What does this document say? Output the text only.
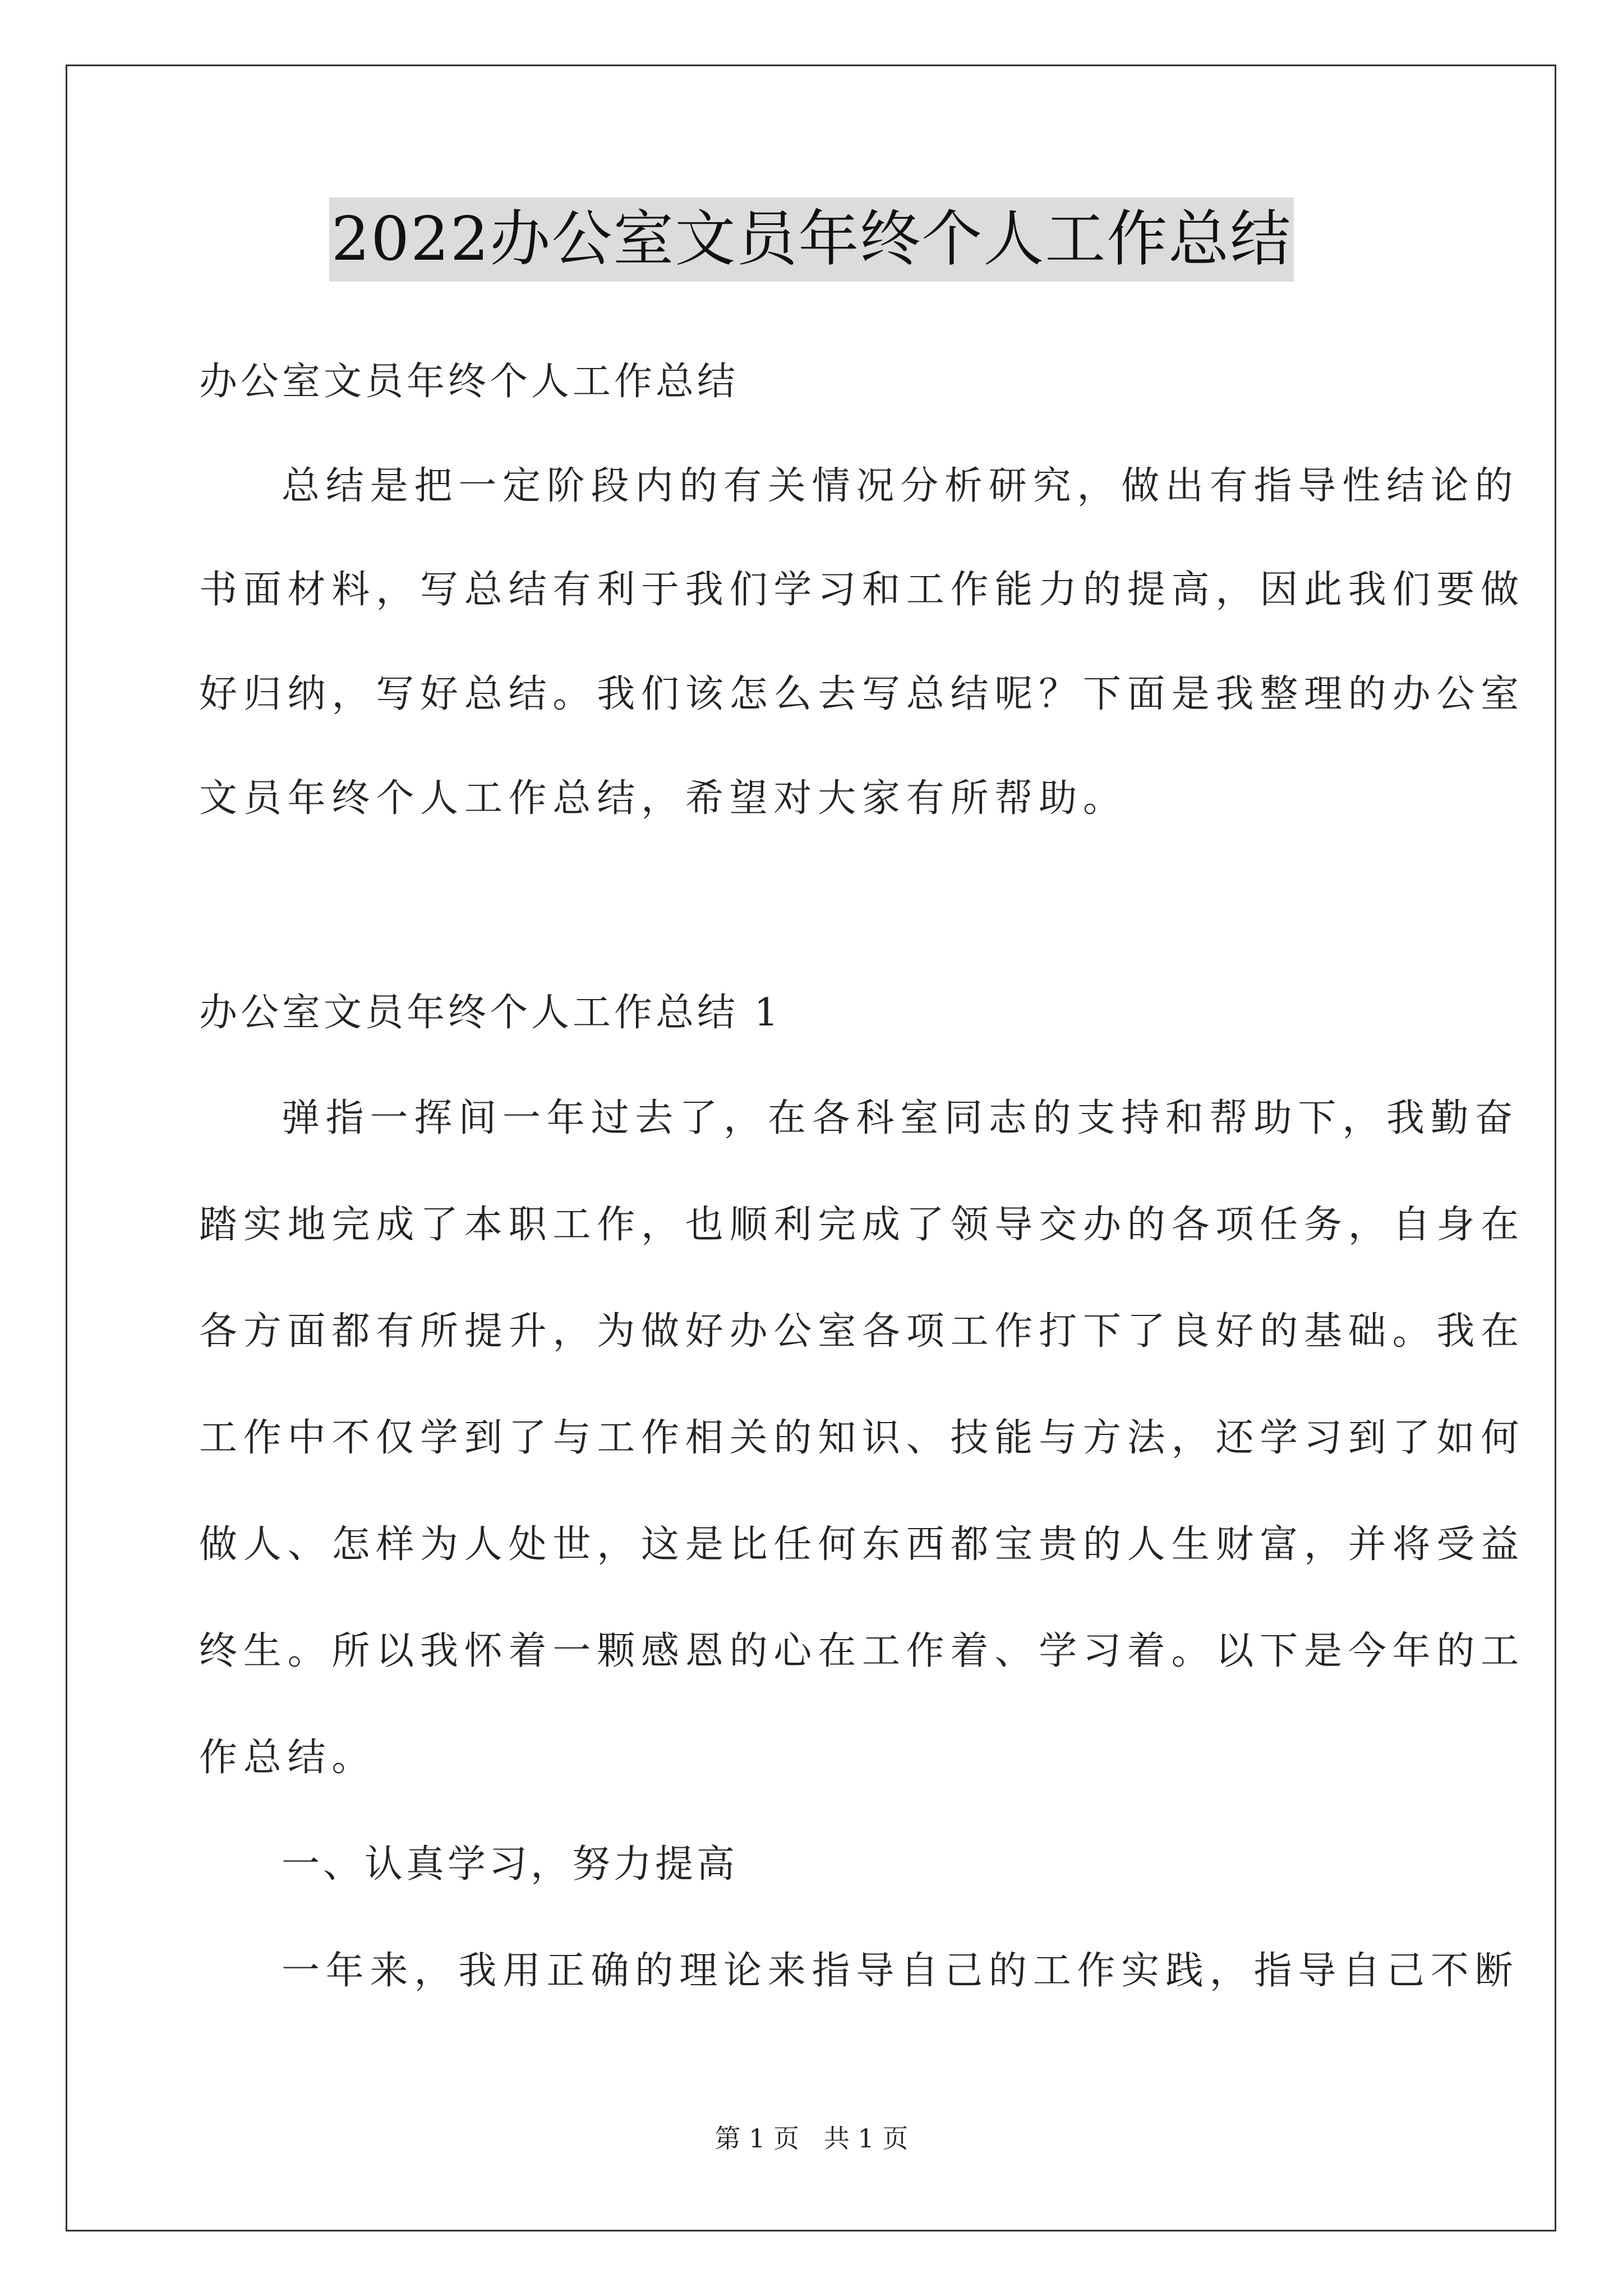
2022办公室文员年终个人工作总结

办公室文员年终个人工作总结

总结是把一定阶段内的有关情况分析研究，做出有指导性结论的

书面材料，写总结有利于我们学习和工作能力的提高，因此我们要做

好归纳，写好总结。我们该怎么去写总结呢？下面是我整理的办公室

文员年终个人工作总结，希望对大家有所帮助。

办公室文员年终个人工作总结 1

弹指一挥间一年过去了，在各科室同志的支持和帮助下，我勤奋

踏实地完成了本职工作，也顺利完成了领导交办的各项任务，自身在

各方面都有所提升，为做好办公室各项工作打下了良好的基础。我在

工作中不仅学到了与工作相关的知识、技能与方法，还学习到了如何

做人、怎样为人处世，这是比任何东西都宝贵的人生财富，并将受益

终生。所以我怀着一颗感恩的心在工作着、学习着。以下是今年的工

作总结。

一、认真学习，努力提高

一年来，我用正确的理论来指导自己的工作实践，指导自己不断

第 1 页   共 1 页
